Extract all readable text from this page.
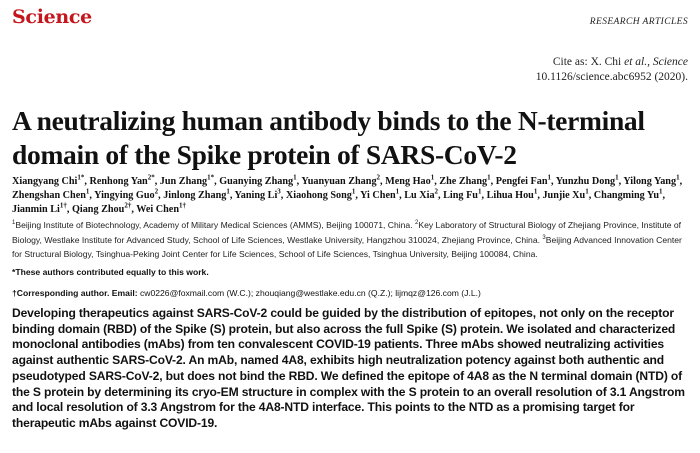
Science	RESEARCH ARTICLES
Cite as: X. Chi et al., Science
10.1126/science.abc6952 (2020).
A neutralizing human antibody binds to the N-terminal
domain of the Spike protein of SARS-CoV-2
Xiangyang Chi$^{1*}$, Renhong Yan$^{2*}$, Jun Zhang$^{1*}$, Guanying Zhang$^1$, Yuanyuan Zhang$^2$, Meng Hao$^1$, Zhe Zhang$^1$, Pengfei Fan$^1$, Yunzhu Dong$^1$, Yilong Yang$^1$, Zhengshan Chen$^1$, Yingying Guo$^2$, Jinlong Zhang$^1$, Yaning Li$^3$, Xiaohong Song$^1$, Yi Chen$^1$, Lu Xia$^2$, Ling Fu$^1$, Lihua Hou$^1$, Junjie Xu$^1$, Changming Yu$^1$, Jianmin $Li^{1\dagger}$, Qiang Zhou$^{2\dagger}$, Wei Chen$^{1\dagger}$
$^1$Beijing Institute of Biotechnology, Academy of Military Medical Sciences (AMMS), Beijing 100071, China. $^2$Key Laboratory of Structural Biology of Zhejiang Province, Institute of Biology, Westlake Institute for Advanced Study, School of Life Sciences, Westlake University, Hangzhou 310024, Zhejiang Province, China. $^3$Beijing Advanced Innovation Center for Structural Biology, Tsinghua-Peking Joint Center for Life Sciences, School of Life Sciences, Tsinghua University, Beijing 100084, China.
*These authors contributed equally to this work.
†Corresponding author. Email: cw0226@foxmail.com (W.C.); zhouqiang@westlake.edu.cn (Q.Z.); lijmqz@126.com (J.L.)
Developing therapeutics against SARS-CoV-2 could be guided by the distribution of epitopes, not only on the receptor binding domain (RBD) of the Spike (S) protein, but also across the full Spike (S) protein. We isolated and characterized monoclonal antibodies (mAbs) from ten convalescent COVID-19 patients. Three mAbs showed neutralizing activities against authentic SARS-CoV-2. An mAb, named 4A8, exhibits high neutralization potency against both authentic and pseudotyped SARS-CoV-2, but does not bind the RBD. We defined the epitope of 4A8 as the N terminal domain (NTD) of the S protein by determining its cryo-EM structure in complex with the S protein to an overall resolution of 3.1 Angstrom and local resolution of 3.3 Angstrom for the 4A8-NTD interface. This points to the NTD as a promising target for therapeutic mAbs against COVID-19.
